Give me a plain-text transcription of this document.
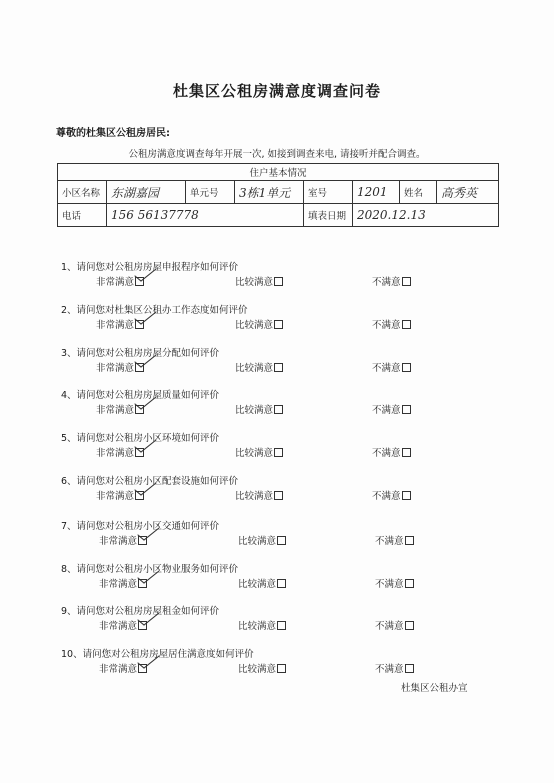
杜集区公租房满意度调查问卷
尊敬的杜集区公租房居民:
公租房满意度调查每年开展一次, 如接到调查来电, 请接听并配合调查。
住户基本情况							
小区名称	东湖嘉园	单元号	3栋1单元	室号	1201	姓名	高秀英
电话	156 56137778			填表日期	2020.12.13		
1、请问您对公租房房屋申报程序如何评价
非常满意	比较满意	不满意
2、请问您对杜集区公租办工作态度如何评价
非常满意	比较满意	不满意
3、请问您对公租房房屋分配如何评价
非常满意	比较满意	不满意
4、请问您对公租房房屋质量如何评价
非常满意	比较满意	不满意
5、请问您对公租房小区环境如何评价
非常满意	比较满意	不满意
6、请问您对公租房小区配套设施如何评价
非常满意	比较满意	不满意
7、请问您对公租房小区交通如何评价
非常满意	比较满意	不满意
8、请问您对公租房小区物业服务如何评价
非常满意	比较满意	不满意
9、请问您对公租房房屋租金如何评价
非常满意	比较满意	不满意
10、请问您对公租房房屋居住满意度如何评价
非常满意	比较满意	不满意
杜集区公租办宣
